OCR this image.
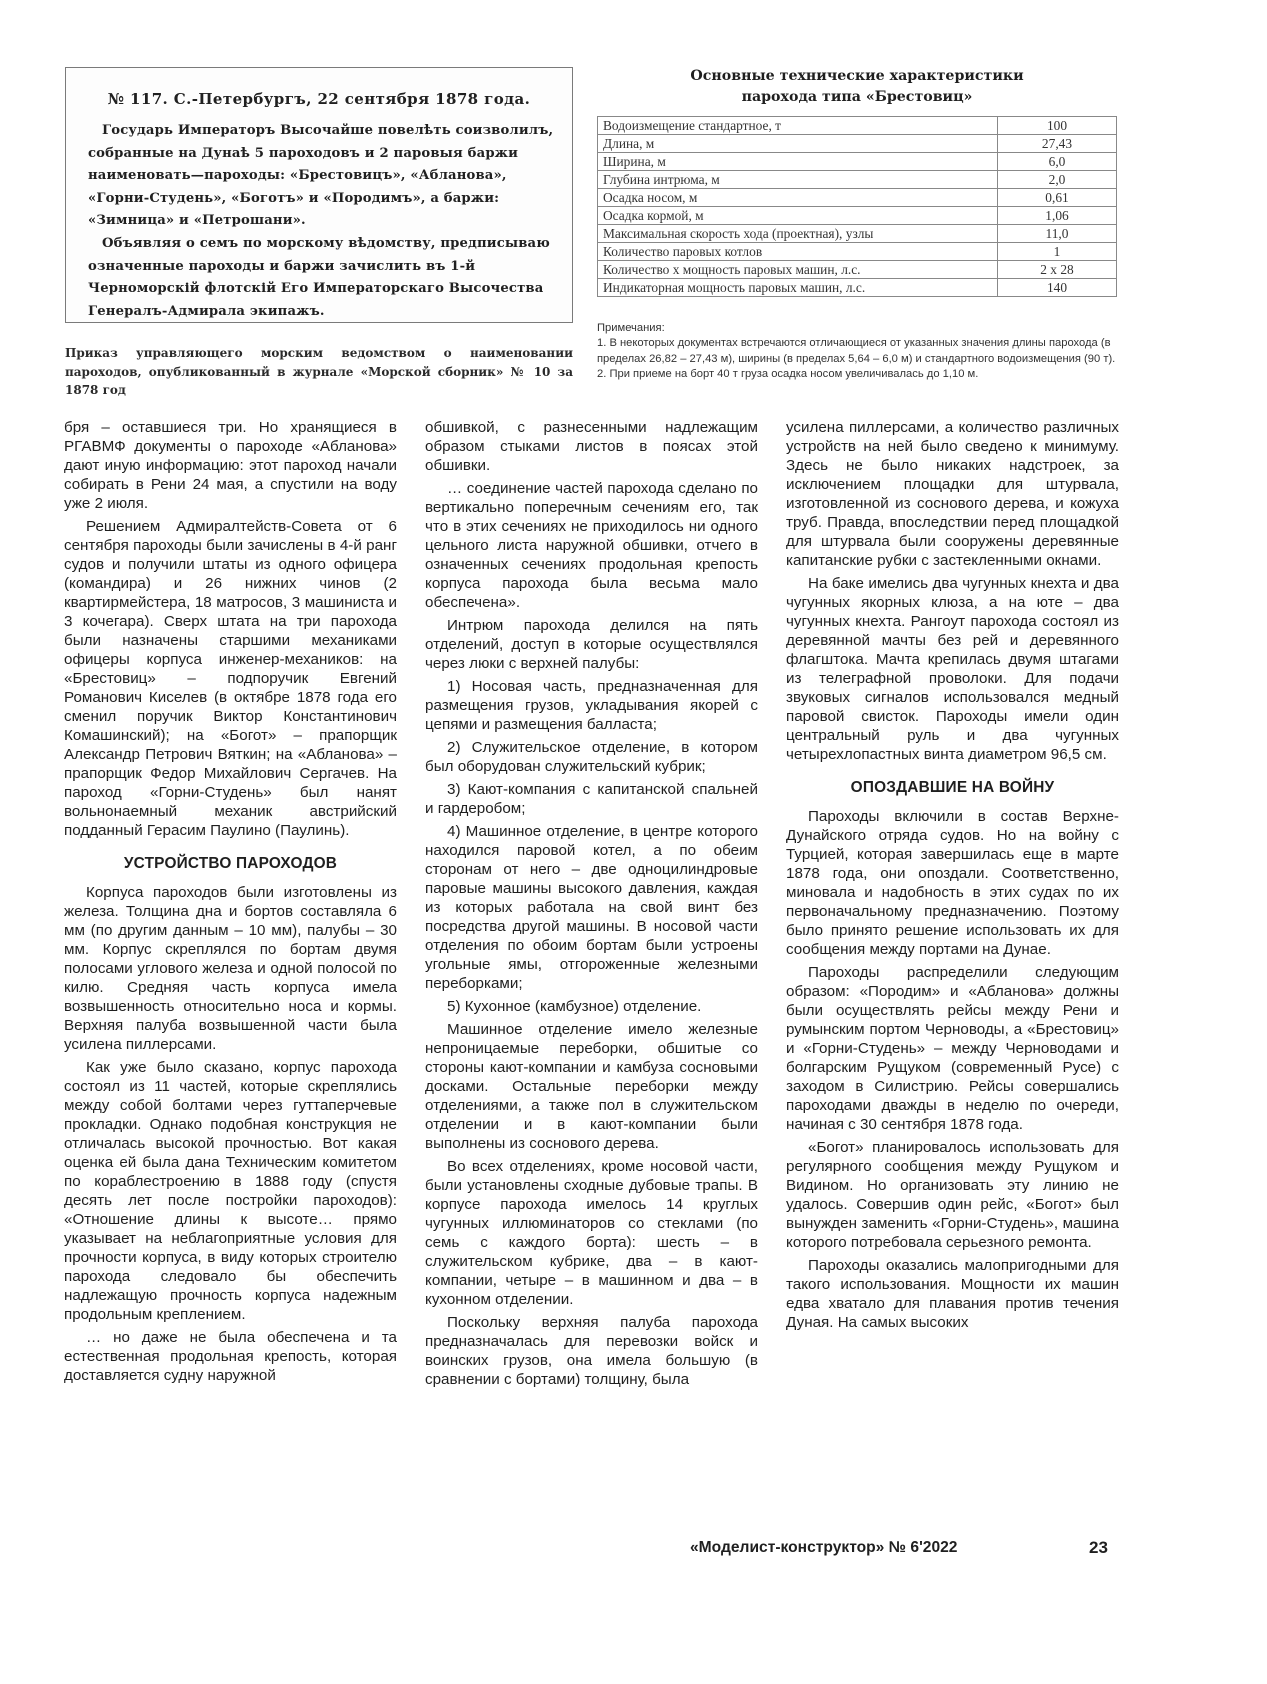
№ 117. С.-Петербургъ, 22 сентября 1878 года.

Государь Императоръ Высочайше повелѣть соизволилъ, собранные на Дунаѣ 5 пароходовъ и 2 паровыя баржи наименовать—пароходы: «Брестовицъ», «Абланова», «Горни-Студень», «Боготъ» и «Породимъ», а баржи: «Зимница» и «Петрошани».

Объявляя о семъ по морскому вѣдомству, предписываю означенные пароходы и баржи зачислить въ 1-й Черноморскій флотскій Его Императорскаго Высочества Генералъ-Адмирала экипажъ.

Приказ управляющего морским ведомством о наименовании пароходов, опубликованный в журнале «Морской сборник» № 10 за 1878 год
Основные технические характеристики
парохода типа «Брестовиц»
Водоизмещение стандартное, т	100
Длина, м	27,43
Ширина, м	6,0
Глубина интрюма, м	2,0
Осадка носом, м	0,61
Осадка кормой, м	1,06
Максимальная скорость хода (проектная), узлы	11,0
Количество паровых котлов	1
Количество х мощность паровых машин, л.с.	2 х 28
Индикаторная мощность паровых машин, л.с.	140
Примечания:
1. В некоторых документах встречаются отличающиеся от указанных значения длины парохода (в пределах 26,82 – 27,43 м), ширины (в пределах 5,64 – 6,0 м) и стандартного водоизмещения (90 т).
2. При приеме на борт 40 т груза осадка носом увеличивалась до 1,10 м.

бря – оставшиеся три. Но хранящиеся в РГАВМФ документы о пароходе «Абланова» дают иную информацию: этот пароход начали собирать в Рени 24 мая, а спустили на воду уже 2 июля.

Решением Адмиралтейств-Совета от 6 сентября пароходы были зачислены в 4-й ранг судов и получили штаты из одного офицера (командира) и 26 нижних чинов (2 квартирмейстера, 18 матросов, 3 машиниста и 3 кочегара). Сверх штата на три парохода были назначены старшими механиками офицеры корпуса инженер-механиков: на «Брестовиц» – подпоручик Евгений Романович Киселев (в октябре 1878 года его сменил поручик Виктор Константинович Комашинский); на «Богот» – прапорщик Александр Петрович Вяткин; на «Абланова» – прапорщик Федор Михайлович Сергачев. На пароход «Горни-Студень» был нанят вольнонаемный механик австрийский подданный Герасим Паулино (Паулинь).

УСТРОЙСТВО ПАРОХОДОВ

Корпуса пароходов были изготовлены из железа. Толщина дна и бортов составляла 6 мм (по другим данным – 10 мм), палубы – 30 мм. Корпус скреплялся по бортам двумя полосами углового железа и одной полосой по килю. Средняя часть корпуса имела возвышенность относительно носа и кормы. Верхняя палуба возвышенной части была усилена пиллерсами.

Как уже было сказано, корпус парохода состоял из 11 частей, которые скреплялись между собой болтами через гуттаперчевые прокладки. Однако подобная конструкция не отличалась высокой прочностью. Вот какая оценка ей была дана Техническим комитетом по кораблестроению в 1888 году (спустя десять лет после постройки пароходов): «Отношение длины к высоте… прямо указывает на неблагоприятные условия для прочности корпуса, в виду которых строителю парохода следовало бы обеспечить надлежащую прочность корпуса надежным продольным креплением.

… но даже не была обеспечена и та естественная продольная крепость, которая доставляется судну наружной

обшивкой, с разнесенными надлежащим образом стыками листов в поясах этой обшивки.

… соединение частей парохода сделано по вертикально поперечным сечениям его, так что в этих сечениях не приходилось ни одного цельного листа наружной обшивки, отчего в означенных сечениях продольная крепость корпуса парохода была весьма мало обеспечена».

Интрюм парохода делился на пять отделений, доступ в которые осуществлялся через люки с верхней палубы:

1) Носовая часть, предназначенная для размещения грузов, укладывания якорей с цепями и размещения балласта;

2) Служительское отделение, в котором был оборудован служительский кубрик;

3) Кают-компания с капитанской спальней и гардеробом;

4) Машинное отделение, в центре которого находился паровой котел, а по обеим сторонам от него – две одноцилиндровые паровые машины высокого давления, каждая из которых работала на свой винт без посредства другой машины. В носовой части отделения по обоим бортам были устроены угольные ямы, отгороженные железными переборками;

5) Кухонное (камбузное) отделение.

Машинное отделение имело железные непроницаемые переборки, обшитые со стороны кают-компании и камбуза сосновыми досками. Остальные переборки между отделениями, а также пол в служительском отделении и в кают-компании были выполнены из соснового дерева.

Во всех отделениях, кроме носовой части, были установлены сходные дубовые трапы. В корпусе парохода имелось 14 круглых чугунных иллюминаторов со стеклами (по семь с каждого борта): шесть – в служительском кубрике, два – в кают-компании, четыре – в машинном и два – в кухонном отделении.

Поскольку верхняя палуба парохода предназначалась для перевозки войск и воинских грузов, она имела большую (в сравнении с бортами) толщину, была

усилена пиллерсами, а количество различных устройств на ней было сведено к минимуму. Здесь не было никаких надстроек, за исключением площадки для штурвала, изготовленной из соснового дерева, и кожуха труб. Правда, впоследствии перед площадкой для штурвала были сооружены деревянные капитанские рубки с застекленными окнами.

На баке имелись два чугунных кнехта и два чугунных якорных клюза, а на юте – два чугунных кнехта. Рангоут парохода состоял из деревянной мачты без рей и деревянного флагштока. Мачта крепилась двумя штагами из телеграфной проволоки. Для подачи звуковых сигналов использовался медный паровой свисток. Пароходы имели один центральный руль и два чугунных четырехлопастных винта диаметром 96,5 см.

ОПОЗДАВШИЕ НА ВОЙНУ

Пароходы включили в состав Верхне-Дунайского отряда судов. Но на войну с Турцией, которая завершилась еще в марте 1878 года, они опоздали. Соответственно, миновала и надобность в этих судах по их первоначальному предназначению. Поэтому было принято решение использовать их для сообщения между портами на Дунае.

Пароходы распределили следующим образом: «Породим» и «Абланова» должны были осуществлять рейсы между Рени и румынским портом Черноводы, а «Брестовиц» и «Горни-Студень» – между Черноводами и болгарским Рущуком (современный Русе) с заходом в Силистрию. Рейсы совершались пароходами дважды в неделю по очереди, начиная с 30 сентября 1878 года.

«Богот» планировалось использовать для регулярного сообщения между Рущуком и Видином. Но организовать эту линию не удалось. Совершив один рейс, «Богот» был вынужден заменить «Горни-Студень», машина которого потребовала серьезного ремонта.

Пароходы оказались малопригодными для такого использования. Мощности их машин едва хватало для плавания против течения Дуная. На самых высоких

«Моделист-конструктор» № 6'2022	23
